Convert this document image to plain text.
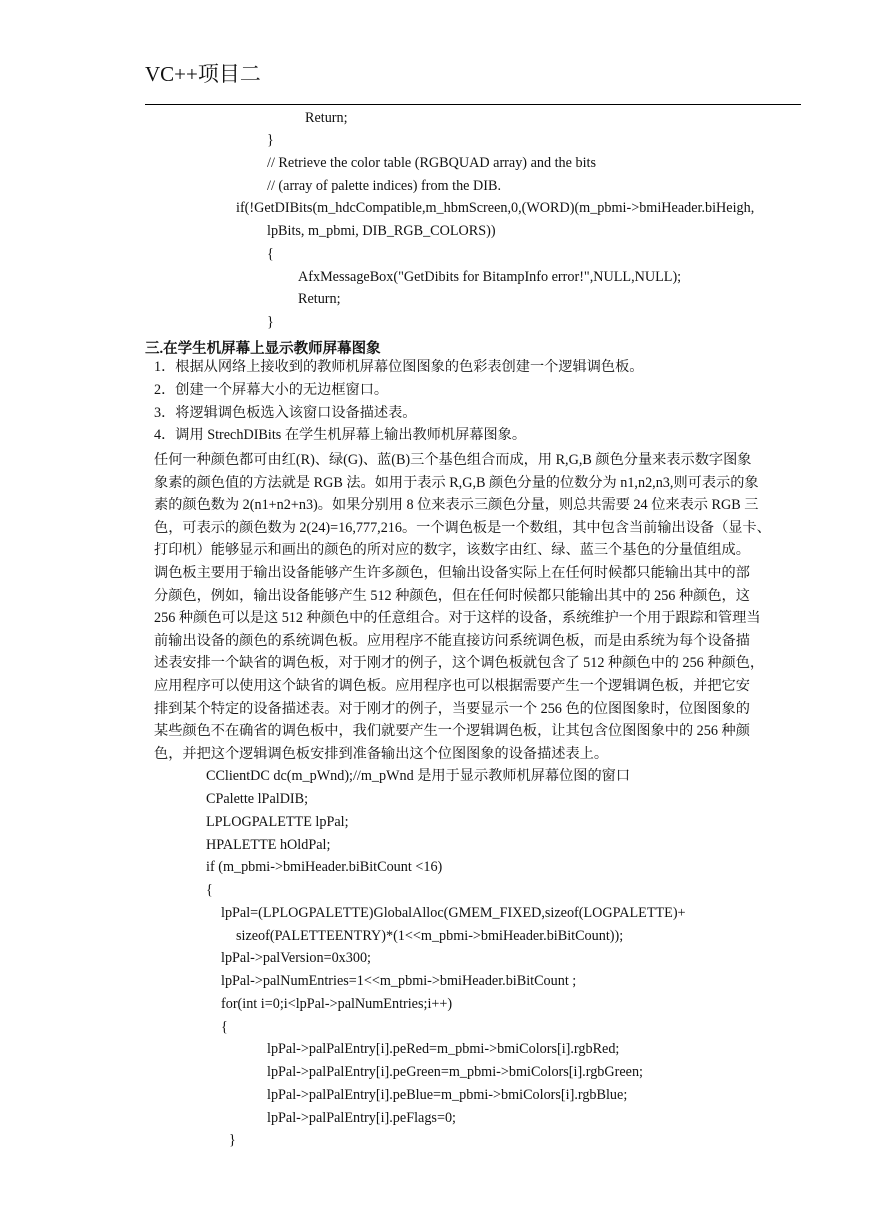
VC++项目二
Return;
}
// Retrieve the color table (RGBQUAD array) and the bits
// (array of palette indices) from the DIB.
if(!GetDIBits(m_hdcCompatible,m_hbmScreen,0,(WORD)(m_pbmi->bmiHeader.biHeigh,
lpBits, m_pbmi, DIB_RGB_COLORS))
{
AfxMessageBox("GetDibits for BitampInfo error!",NULL,NULL);
Return;
}
三.在学生机屏幕上显示教师屏幕图象
1．根据从网络上接收到的教师机屏幕位图图象的色彩表创建一个逻辑调色板。
2．创建一个屏幕大小的无边框窗口。
3．将逻辑调色板选入该窗口设备描述表。
4．调用 StrechDIBits 在学生机屏幕上输出教师机屏幕图象。
任何一种颜色都可由红(R)、绿(G)、蓝(B)三个基色组合而成，用 R,G,B 颜色分量来表示数字图象
象素的颜色值的方法就是 RGB 法。如用于表示 R,G,B 颜色分量的位数分为 n1,n2,n3,则可表示的象
素的颜色数为 2(n1+n2+n3)。如果分别用 8 位来表示三颜色分量，则总共需要 24 位来表示 RGB 三
色，可表示的颜色数为 2(24)=16,777,216。一个调色板是一个数组，其中包含当前输出设备（显卡、
打印机）能够显示和画出的颜色的所对应的数字，该数字由红、绿、蓝三个基色的分量值组成。
调色板主要用于输出设备能够产生许多颜色，但输出设备实际上在任何时候都只能输出其中的部
分颜色，例如，输出设备能够产生 512 种颜色，但在任何时候都只能输出其中的 256 种颜色，这
256 种颜色可以是这 512 种颜色中的任意组合。对于这样的设备，系统维护一个用于跟踪和管理当
前输出设备的颜色的系统调色板。应用程序不能直接访问系统调色板，而是由系统为每个设备描
述表安排一个缺省的调色板，对于刚才的例子，这个调色板就包含了 512 种颜色中的 256 种颜色，
应用程序可以使用这个缺省的调色板。应用程序也可以根据需要产生一个逻辑调色板，并把它安
排到某个特定的设备描述表。对于刚才的例子，当要显示一个 256 色的位图图象时，位图图象的
某些颜色不在确省的调色板中，我们就要产生一个逻辑调色板，让其包含位图图象中的 256 种颜
色，并把这个逻辑调色板安排到准备输出这个位图图象的设备描述表上。
CClientDC dc(m_pWnd);//m_pWnd 是用于显示教师机屏幕位图的窗口
CPalette lPalDIB;
LPLOGPALETTE lpPal;
HPALETTE hOldPal;
if (m_pbmi->bmiHeader.biBitCount <16)
{
lpPal=(LPLOGPALETTE)GlobalAlloc(GMEM_FIXED,sizeof(LOGPALETTE)+
sizeof(PALETTEENTRY)*(1<<m_pbmi->bmiHeader.biBitCount));
lpPal->palVersion=0x300;
lpPal->palNumEntries=1<<m_pbmi->bmiHeader.biBitCount ;
for(int i=0;i<lpPal->palNumEntries;i++)
{
lpPal->palPalEntry[i].peRed=m_pbmi->bmiColors[i].rgbRed;
lpPal->palPalEntry[i].peGreen=m_pbmi->bmiColors[i].rgbGreen;
lpPal->palPalEntry[i].peBlue=m_pbmi->bmiColors[i].rgbBlue;
lpPal->palPalEntry[i].peFlags=0;
}
